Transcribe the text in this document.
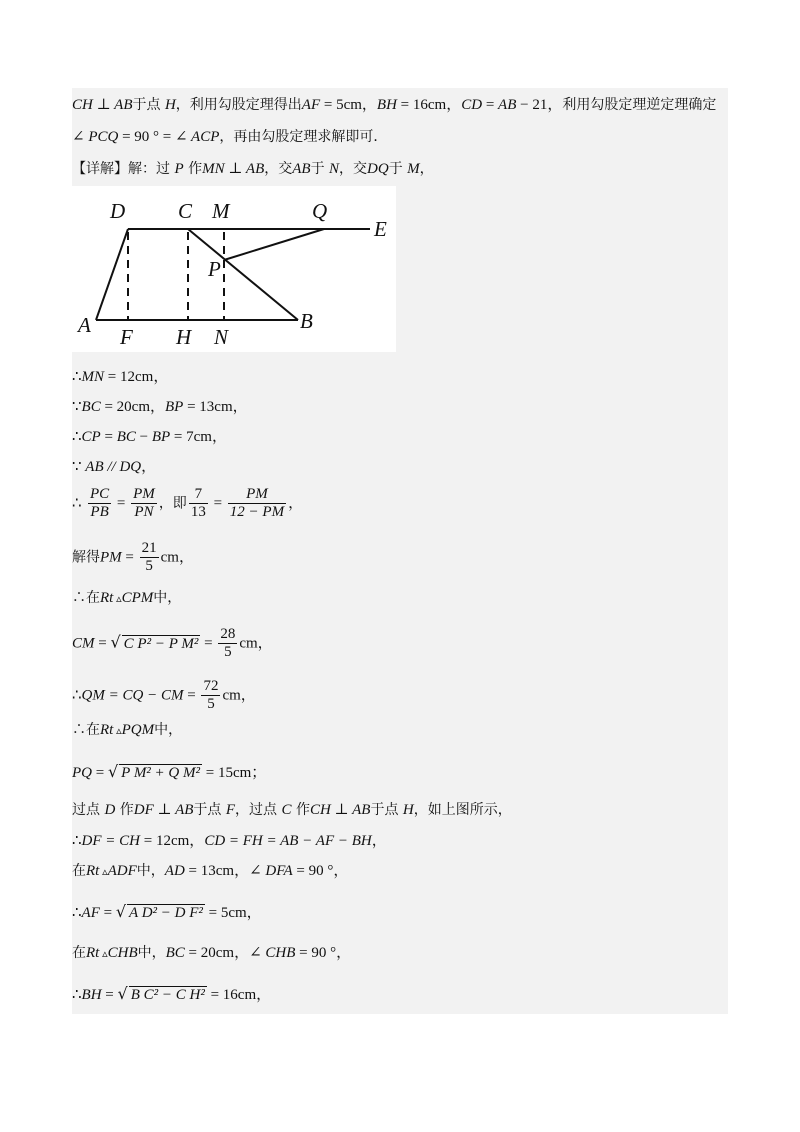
CH ⊥ AB于点 H，利用勾股定理得出AF = 5cm，BH = 16cm，CD = AB − 21，利用勾股定理逆定理确定
∠ PCQ = 90 ° = ∠ ACP，再由勾股定理求解即可．
【详解】解：过 P 作MN ⊥ AB，交AB于 N，交DQ于 M，
D	C M	Q
E
P
A F H N
B
∴MN = 12cm，
∵BC = 20cm，BP = 13cm，
∴CP = BC − BP = 7cm，
∵ AB // DQ，
∴ $\frac{PC}{PB} = \frac{PM}{PN}$ ，即 $\frac{7}{13} = \frac{PM}{12 - PM}$ ，
解得PM = $\frac{21}{5}$ cm，
∴在Rt ▵CPM中，
CM = √ C P² − P $M^2 = \frac{28}{5}$ cm，
∴QM = CQ − CM = $\frac{72}{5}$ cm，
∴在Rt ▵PQM中，
PQ = √ P M² + Q M² = 15cm；
过点 D 作DF ⊥ AB于点 F，过点 C 作CH ⊥ AB于点 H，如上图所示，
∴DF = CH = 12cm，CD = FH = AB − AF − BH，
在Rt ▵ADF中，AD = 13cm，∠ DFA = 90 °，
∴AF = √ A D² − D F² = 5cm，
在Rt ▵CHB中，BC = 20cm，∠ CHB = 90 °，
∴BH = √ B C² − C H² = 16cm，
